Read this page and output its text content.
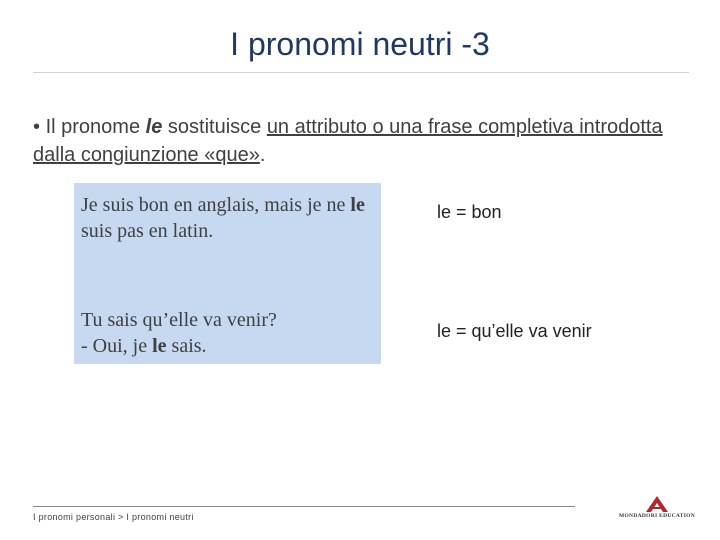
I pronomi neutri -3
• Il pronome le sostituisce un attributo o una frase completiva introdotta dalla congiunzione «que».
Je suis bon en anglais, mais je ne le suis pas en latin.
le = bon
Tu sais qu’elle va venir?
- Oui, je le sais.
le = qu’elle va venir
I pronomi personali > I pronomi neutri	MONDADORI EDUCATION
